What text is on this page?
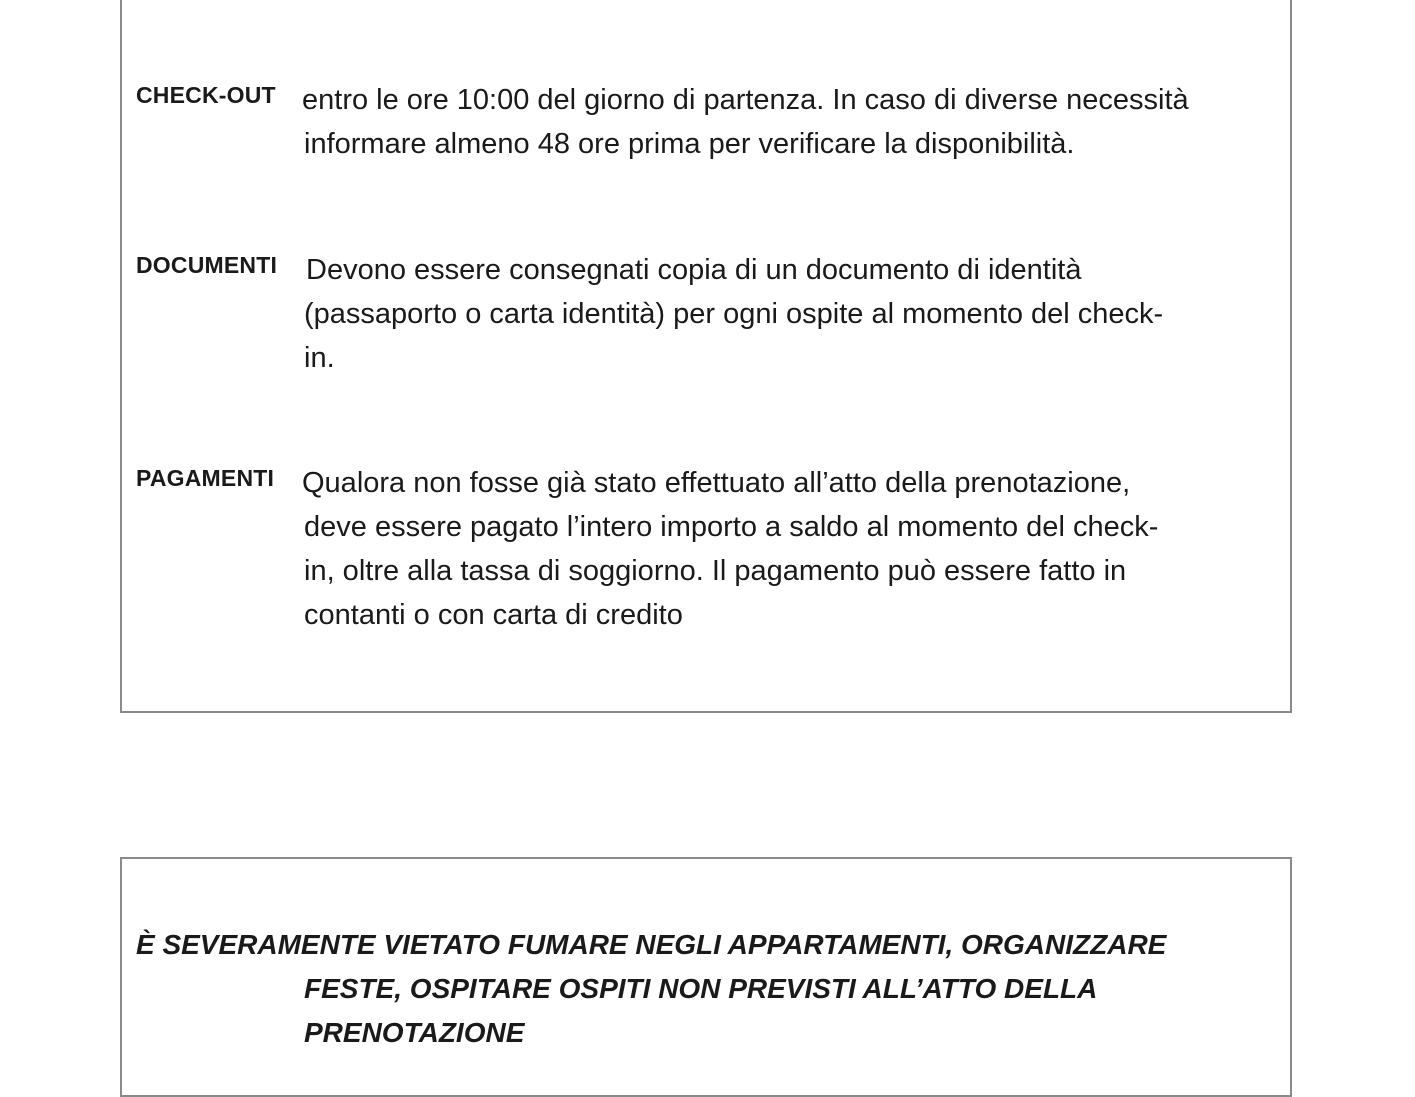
CHECK-OUT entro le ore 10:00 del giorno di partenza. In caso di diverse necessità
informare almeno 48 ore prima per verificare la disponibilità.
DOCUMENTI Devono essere consegnati copia di un documento di identità
(passaporto o carta identità) per ogni ospite al momento del check-
in.
PAGAMENTI Qualora non fosse già stato effettuato all’atto della prenotazione,
deve essere pagato l’intero importo a saldo al momento del check-
in, oltre alla tassa di soggiorno. Il pagamento può essere fatto in
contanti o con carta di credito
È SEVERAMENTE VIETATO FUMARE NEGLI APPARTAMENTI, ORGANIZZARE
FESTE, OSPITARE OSPITI NON PREVISTI ALL’ATTO DELLA
PRENOTAZIONE
